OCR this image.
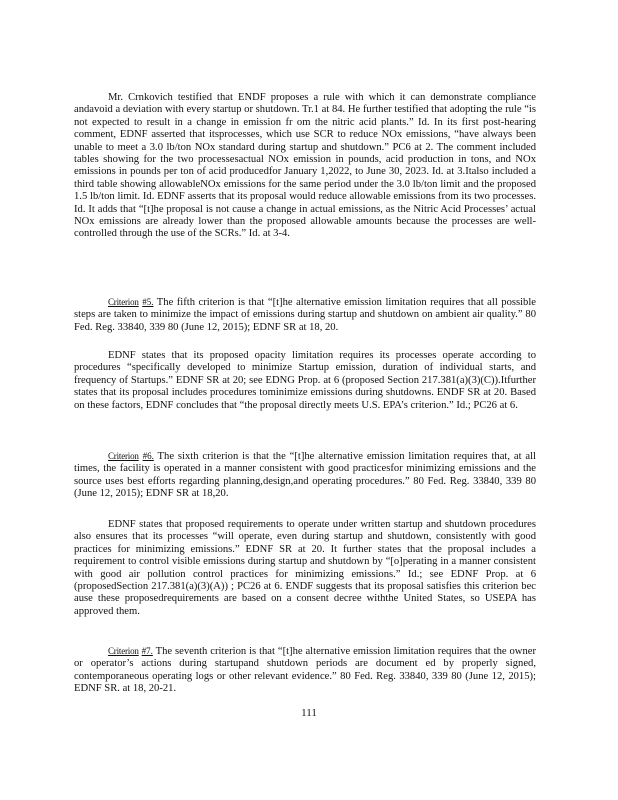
Mr. Crnkovich testified that ENDF proposes a rule with which it can demonstrate compliance andavoid a deviation with every startup or shutdown. Tr.1 at 84. He further testified that adopting the rule “is not expected to result in a change in emission fr om the nitric acid plants.” Id. In its first post-hearing comment, EDNF asserted that itsprocesses, which use SCR to reduce NOx emissions, “have always been unable to meet a 3.0 lb/ton NOx standard during startup and shutdown.” PC6 at 2. The comment included tables showing for the two processesactual NOx emission in pounds, acid production in tons, and NOx emissions in pounds per ton of acid producedfor January 1,2022, to June 30, 2023. Id. at 3.Italso included a third table showing allowableNOx emissions for the same period under the 3.0 lb/ton limit and the proposed 1.5 lb/ton limit. Id. EDNF asserts that its proposal would reduce allowable emissions from its two processes. Id. It adds that “[t]he proposal is not cause a change in actual emissions, as the Nitric Acid Processes’ actual NOx emissions are already lower than the proposed allowable amounts because the processes are well-controlled through the use of the SCRs.” Id. at 3-4.

Criterion #5. The fifth criterion is that “[t]he alternative emission limitation requires that all possible steps are taken to minimize the impact of emissions during startup and shutdown on ambient air quality.” 80 Fed. Reg. 33840, 339 80 (June 12, 2015); EDNF SR at 18, 20.

EDNF states that its proposed opacity limitation requires its processes operate according to procedures “specifically developed to minimize Startup emission, duration of individual starts, and frequency of Startups.” EDNF SR at 20; see EDNG Prop. at 6 (proposed Section 217.381(a)(3)(C)).Itfurther states that its proposal includes procedures tominimize emissions during shutdowns. ENDF SR at 20. Based on these factors, EDNF concludes that “the proposal directly meets U.S. EPA’s criterion.” Id.; PC26 at 6.

Criterion #6. The sixth criterion is that the “[t]he alternative emission limitation requires that, at all times, the facility is operated in a manner consistent with good practicesfor minimizing emissions and the source uses best efforts regarding planning,design,and operating procedures.” 80 Fed. Reg. 33840, 339 80 (June 12, 2015); EDNF SR at 18,20.

EDNF states that proposed requirements to operate under written startup and shutdown procedures also ensures that its processes “will operate, even during startup and shutdown, consistently with good practices for minimizing emissions.” EDNF SR at 20. It further states that the proposal includes a requirement to control visible emissions during startup and shutdown by “[o]perating in a manner consistent with good air pollution control practices for minimizing emissions.” Id.; see EDNF Prop. at 6 (proposedSection 217.381(a)(3)(A)) ; PC26 at 6. ENDF suggests that its proposal satisfies this criterion bec ause these proposedrequirements are based on a consent decree withthe United States, so USEPA has approved them.

Criterion #7. The seventh criterion is that “[t]he alternative emission limitation requires that the owner or operator’s actions during startupand shutdown periods are document ed by properly signed, contemporaneous operating logs or other relevant evidence.” 80 Fed. Reg. 33840, 339 80 (June 12, 2015); EDNF SR. at 18, 20-21.

111
